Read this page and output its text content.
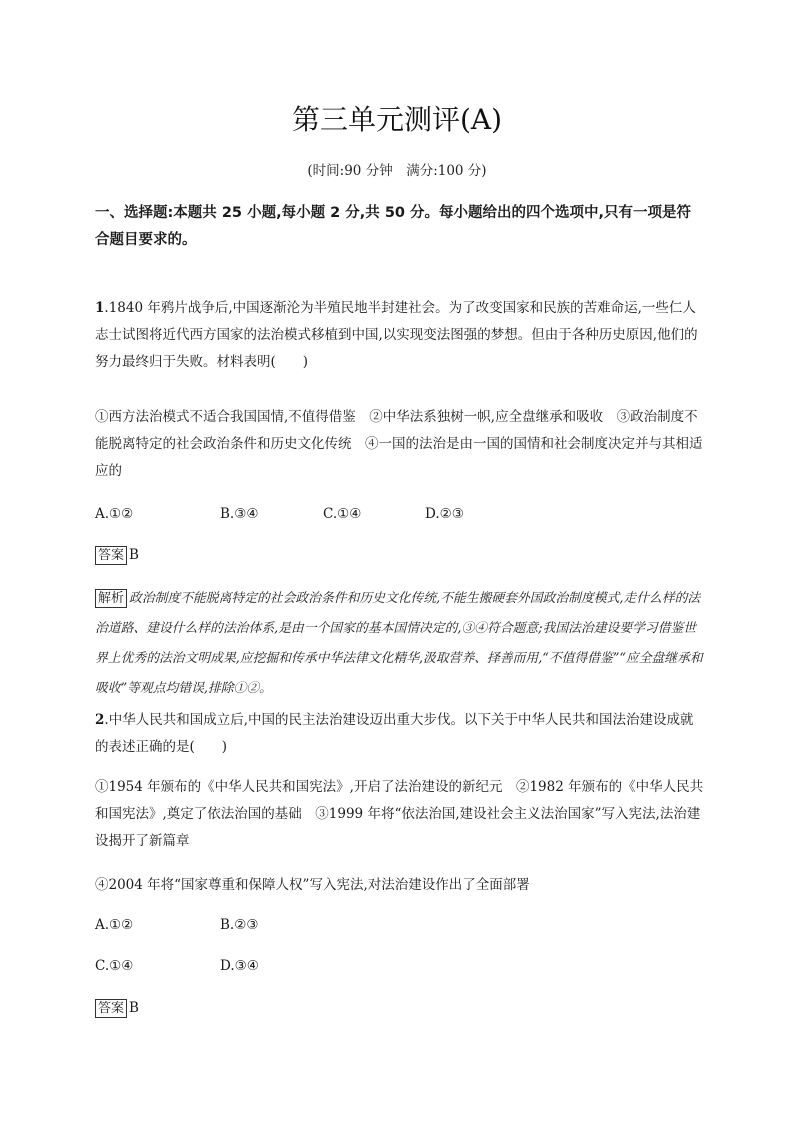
第三单元测评(A)
(时间:90 分钟　满分:100 分)
一、选择题:本题共 25 小题,每小题 2 分,共 50 分。每小题给出的四个选项中,只有一项是符合题目要求的。
1.1840 年鸦片战争后,中国逐渐沦为半殖民地半封建社会。为了改变国家和民族的苦难命运,一些仁人志士试图将近代西方国家的法治模式移植到中国,以实现变法图强的梦想。但由于各种历史原因,他们的努力最终归于失败。材料表明(　　)
①西方法治模式不适合我国国情,不值得借鉴　②中华法系独树一帜,应全盘继承和吸收　③政治制度不能脱离特定的社会政治条件和历史文化传统　④一国的法治是由一国的国情和社会制度决定并与其相适应的
A.①②	B.③④	C.①④	D.②③
答案 B
解析 政治制度不能脱离特定的社会政治条件和历史文化传统,不能生搬硬套外国政治制度模式,走什么样的法治道路、建设什么样的法治体系,是由一个国家的基本国情决定的,③④符合题意;我国法治建设要学习借鉴世界上优秀的法治文明成果,应挖掘和传承中华法律文化精华,汲取营养、择善而用,“不值得借鉴”“应全盘继承和吸收”等观点均错误,排除①②。
2.中华人民共和国成立后,中国的民主法治建设迈出重大步伐。以下关于中华人民共和国法治建设成就的表述正确的是(　　)
①1954 年颁布的《中华人民共和国宪法》,开启了法治建设的新纪元　②1982 年颁布的《中华人民共和国宪法》,奠定了依法治国的基础　③1999 年将“依法治国,建设社会主义法治国家”写入宪法,法治建设揭开了新篇章
④2004 年将“国家尊重和保障人权”写入宪法,对法治建设作出了全面部署
A.①②	B.②③
C.①④	D.③④
答案 B
